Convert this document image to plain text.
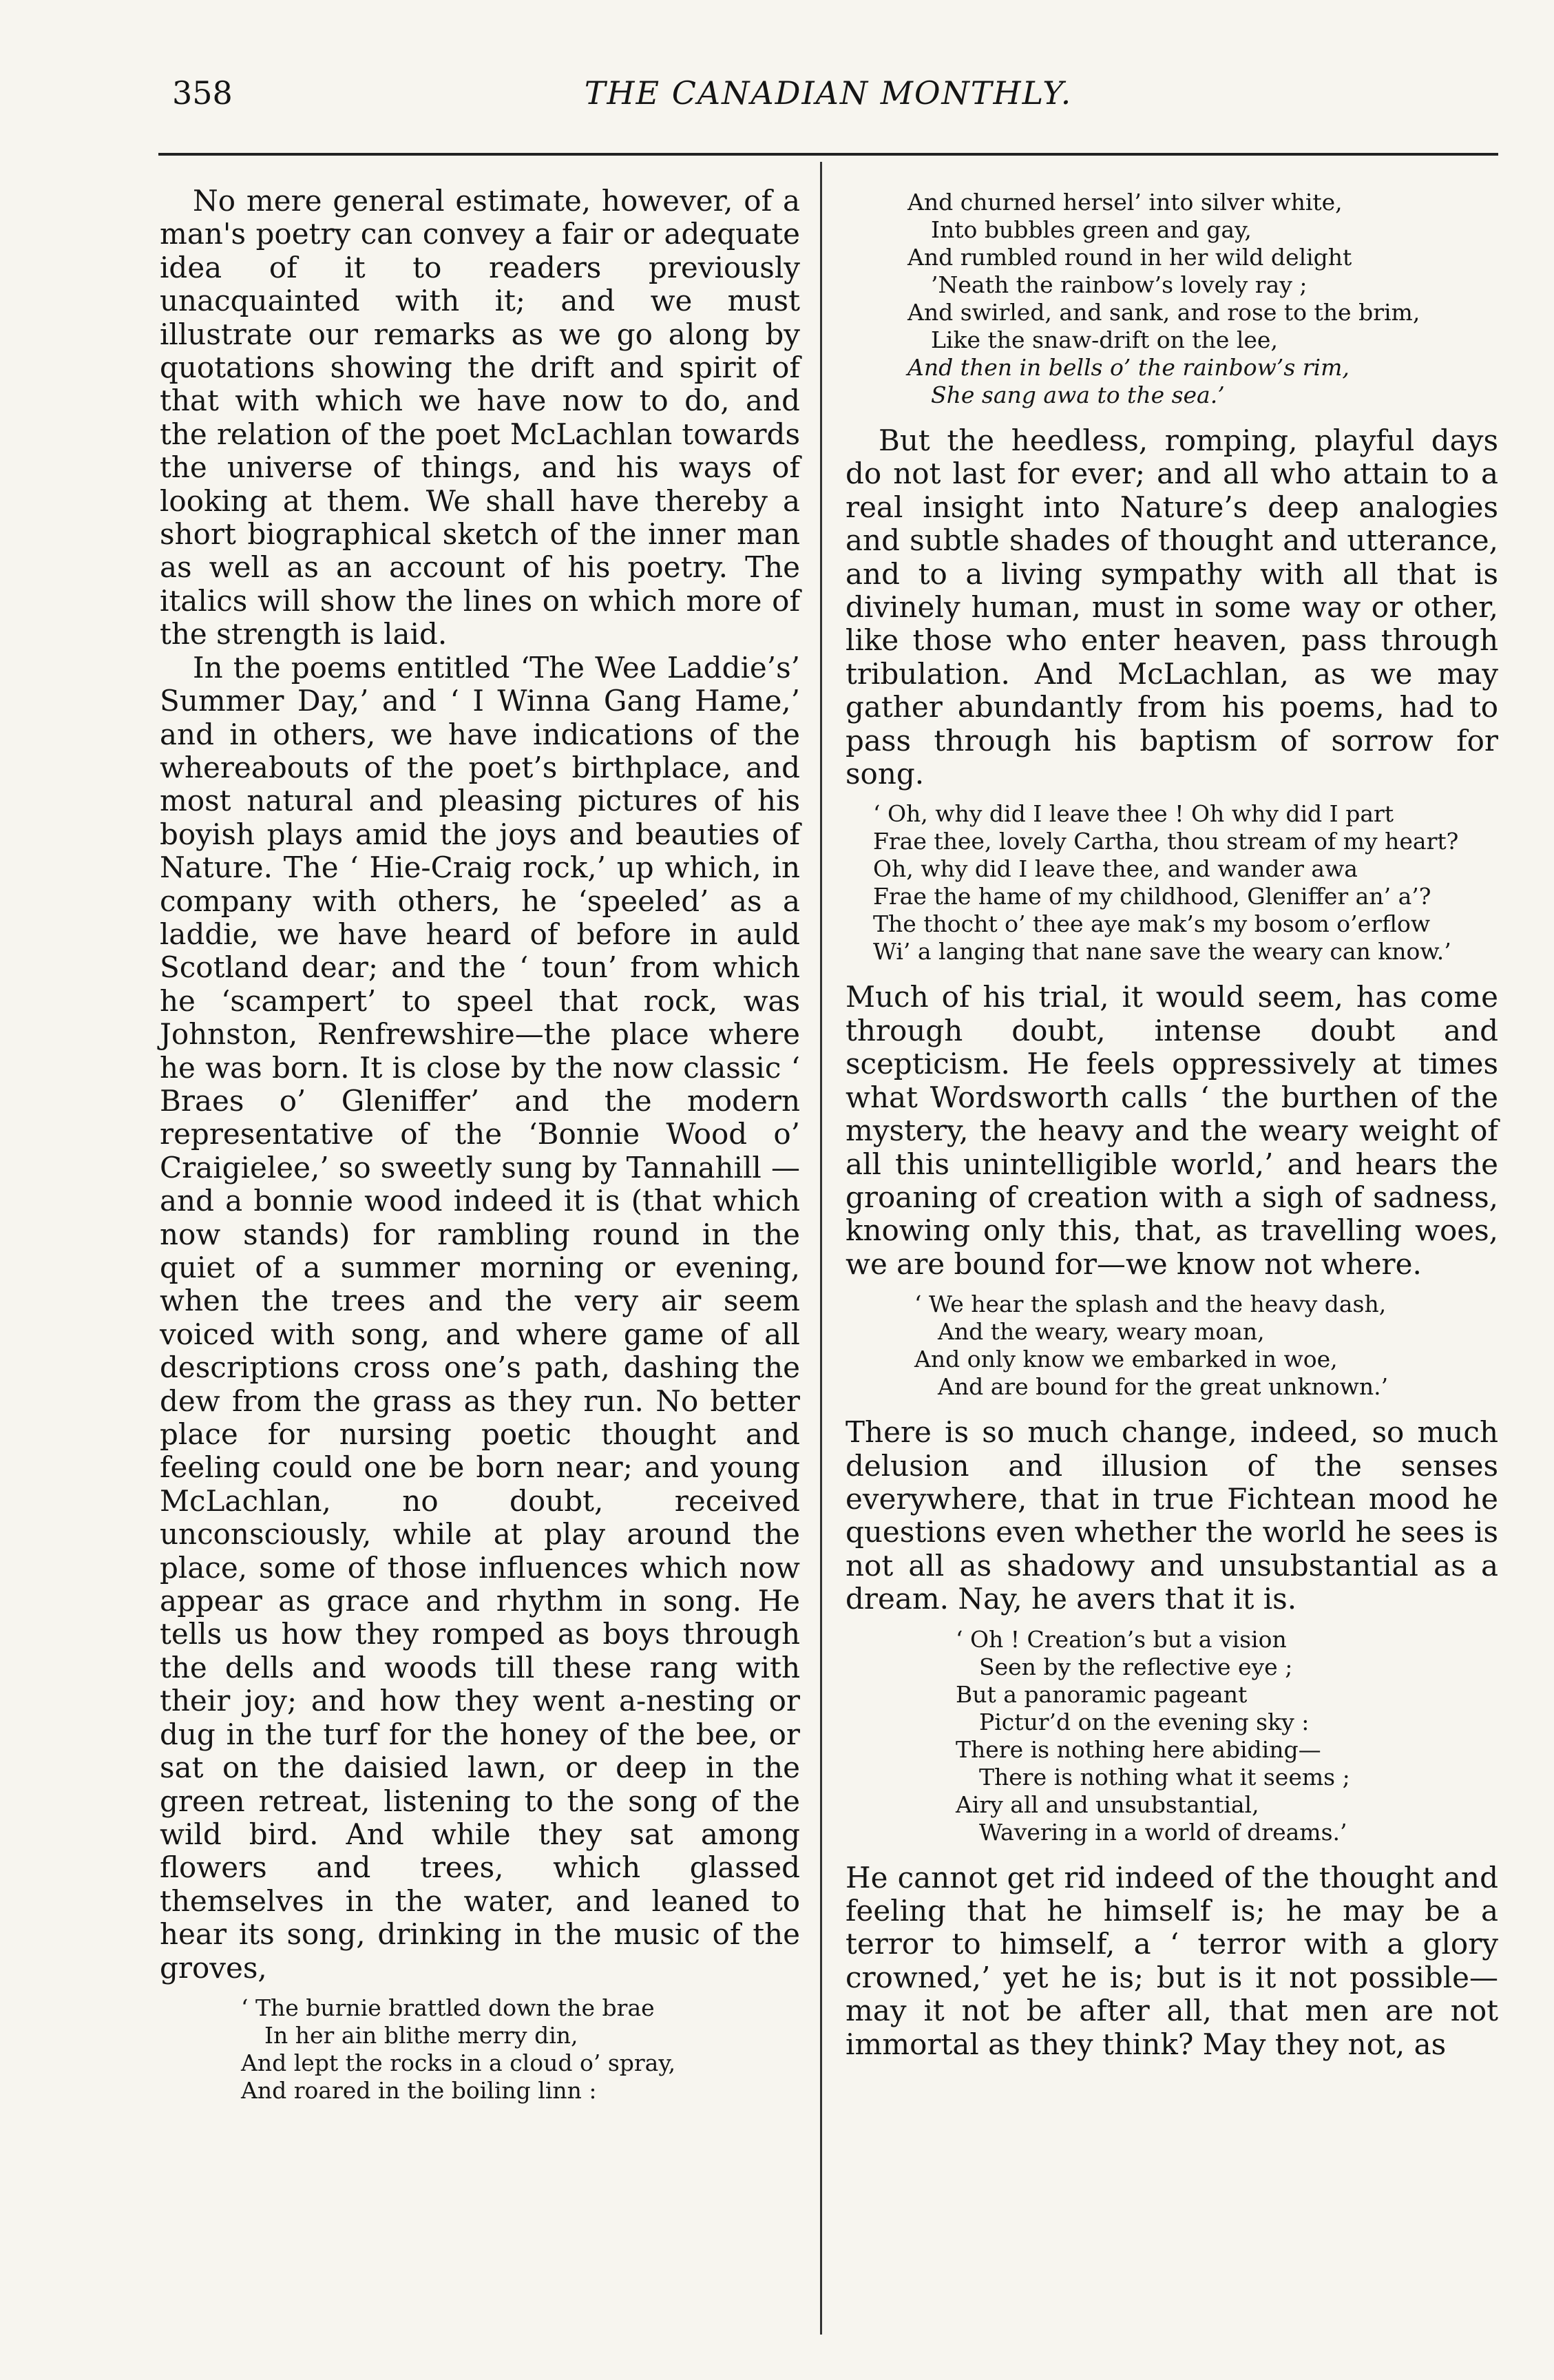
358	THE CANADIAN MONTHLY.

No mere general estimate, however, of a man's poetry can convey a fair or adequate idea of it to readers previously unacquainted with it; and we must illustrate our remarks as we go along by quotations showing the drift and spirit of that with which we have now to do, and the relation of the poet McLachlan towards the universe of things, and his ways of looking at them. We shall have thereby a short biographical sketch of the inner man as well as an account of his poetry. The italics will show the lines on which more of the strength is laid.

In the poems entitled ‘The Wee Laddie’s’ Summer Day,’ and ‘ I Winna Gang Hame,’ and in others, we have indications of the whereabouts of the poet’s birthplace, and most natural and pleasing pictures of his boyish plays amid the joys and beauties of Nature. The ‘ Hie-Craig rock,’ up which, in company with others, he ‘speeled’ as a laddie, we have heard of before in auld Scotland dear; and the ‘ toun’ from which he ‘scampert’ to speel that rock, was Johnston, Renfrewshire—the place where he was born. It is close by the now classic ‘ Braes o’ Gleniffer’ and the modern representative of the ‘Bonnie Wood o’ Craigielee,’ so sweetly sung by Tannahill —and a bonnie wood indeed it is (that which now stands) for rambling round in the quiet of a summer morning or evening, when the trees and the very air seem voiced with song, and where game of all descriptions cross one’s path, dashing the dew from the grass as they run. No better place for nursing poetic thought and feeling could one be born near; and young McLachlan, no doubt, received unconsciously, while at play around the place, some of those influences which now appear as grace and rhythm in song. He tells us how they romped as boys through the dells and woods till these rang with their joy; and how they went a-nesting or dug in the turf for the honey of the bee, or sat on the daisied lawn, or deep in the green retreat, listening to the song of the wild bird. And while they sat among flowers and trees, which glassed themselves in the water, and leaned to hear its song, drinking in the music of the groves,

‘ The burnie brattled down the brae
In her ain blithe merry din,
And lept the rocks in a cloud o’ spray,
And roared in the boiling linn :
And churned hersel’ into silver white,
Into bubbles green and gay,
And rumbled round in her wild delight
’Neath the rainbow’s lovely ray ;
And swirled, and sank, and rose to the brim,
Like the snaw-drift on the lee,
And then in bells o’ the rainbow’s rim,
She sang awa to the sea.’

But the heedless, romping, playful days do not last for ever; and all who attain to a real insight into Nature’s deep analogies and subtle shades of thought and utterance, and to a living sympathy with all that is divinely human, must in some way or other, like those who enter heaven, pass through tribulation. And McLachlan, as we may gather abundantly from his poems, had to pass through his baptism of sorrow for song.

‘ Oh, why did I leave thee ! Oh why did I part
Frae thee, lovely Cartha, thou stream of my heart?
Oh, why did I leave thee, and wander awa
Frae the hame of my childhood, Gleniffer an’ a’?
The thocht o’ thee aye mak’s my bosom o’erflow
Wi’ a langing that nane save the weary can know.’

Much of his trial, it would seem, has come through doubt, intense doubt and scepticism. He feels oppressively at times what Wordsworth calls ‘ the burthen of the mystery, the heavy and the weary weight of all this unintelligible world,’ and hears the groaning of creation with a sigh of sadness, knowing only this, that, as travelling woes, we are bound for—we know not where.

‘ We hear the splash and the heavy dash,
And the weary, weary moan,
And only know we embarked in woe,
And are bound for the great unknown.’

There is so much change, indeed, so much delusion and illusion of the senses everywhere, that in true Fichtean mood he questions even whether the world he sees is not all as shadowy and unsubstantial as a dream. Nay, he avers that it is.

‘ Oh ! Creation’s but a vision
Seen by the reflective eye ;
But a panoramic pageant
Pictur’d on the evening sky :
There is nothing here abiding—
There is nothing what it seems ;
Airy all and unsubstantial,
Wavering in a world of dreams.’

He cannot get rid indeed of the thought and feeling that he himself is; he may be a terror to himself, a ‘ terror with a glory crowned,’ yet he is; but is it not possible— may it not be after all, that men are not immortal as they think? May they not, as
